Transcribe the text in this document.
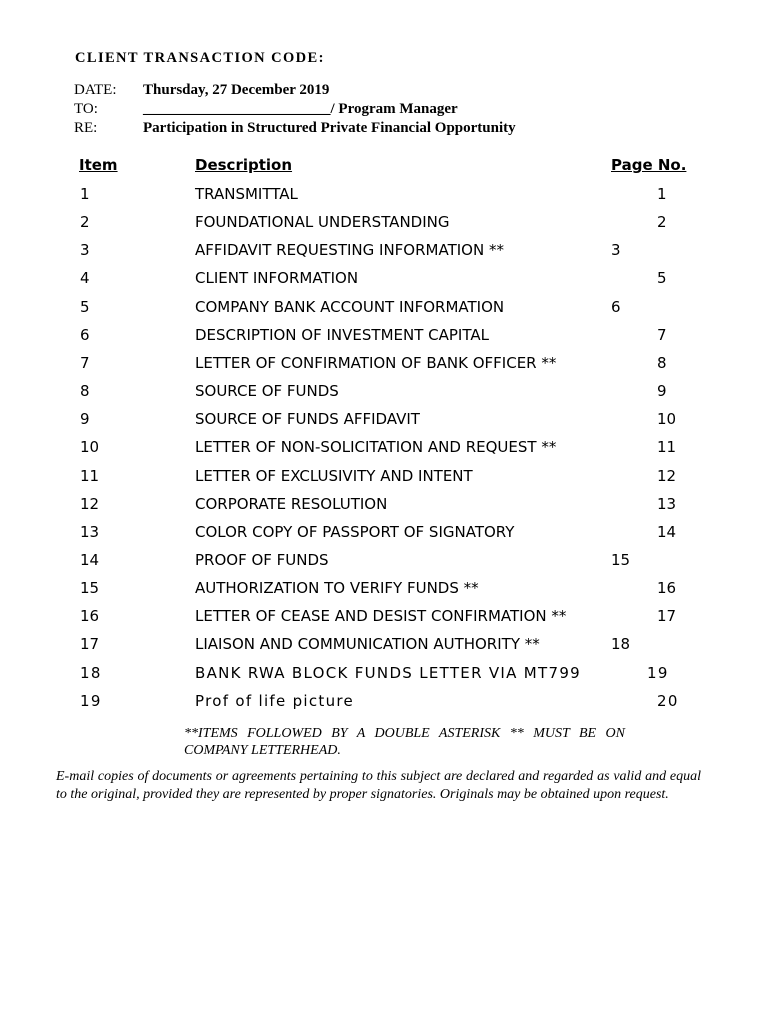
CLIENT TRANSACTION CODE:
DATE: Thursday, 27 December 2019
TO:	_________________________/ Program Manager
RE:	Participation in Structured Private Financial Opportunity
Item	Description	Page No.
1	TRANSMITTAL	1
2	FOUNDATIONAL UNDERSTANDING	2
3	AFFIDAVIT REQUESTING INFORMATION **	3
4	CLIENT INFORMATION	5
5	COMPANY BANK ACCOUNT INFORMATION	6
6	DESCRIPTION OF INVESTMENT CAPITAL	7
7	LETTER OF CONFIRMATION OF BANK OFFICER **	8
8	SOURCE OF FUNDS	9
9	SOURCE OF FUNDS AFFIDAVIT	10
10	LETTER OF NON-SOLICITATION AND REQUEST **	11
11	LETTER OF EXCLUSIVITY AND INTENT	12
12	CORPORATE RESOLUTION	13
13	COLOR COPY OF PASSPORT OF SIGNATORY	14
14	PROOF OF FUNDS	15
15	AUTHORIZATION TO VERIFY FUNDS **	16
16	LETTER OF CEASE AND DESIST CONFIRMATION **	17
17	LIAISON AND COMMUNICATION AUTHORITY **	18
18	BANK RWA BLOCK FUNDS LETTER VIA MT799	19
19	Prof of life picture	20
**ITEMS FOLLOWED BY A DOUBLE ASTERISK ** MUST BE ON COMPANY LETTERHEAD.
E-mail copies of documents or agreements pertaining to this subject are declared and regarded as valid and equal to the original, provided they are represented by proper signatories. Originals may be obtained upon request.
